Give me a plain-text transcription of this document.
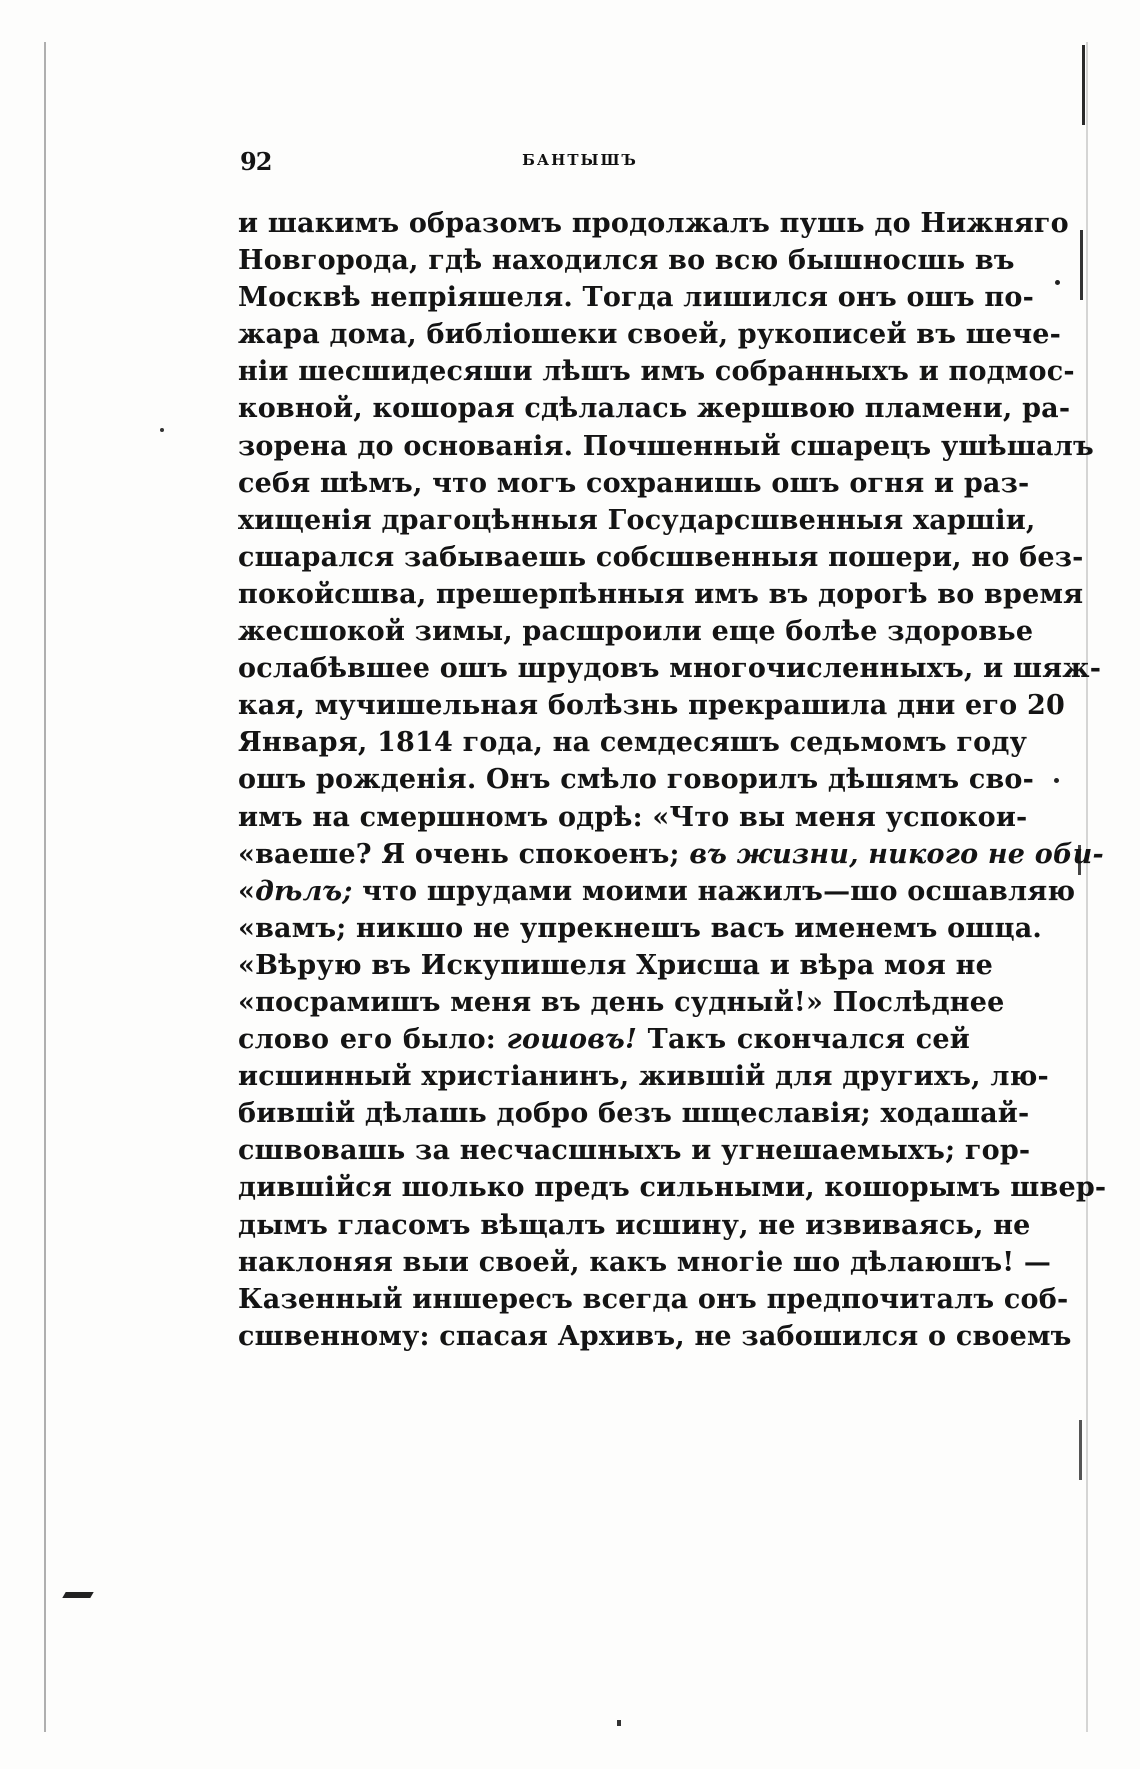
92	БАНТЫШЪ
и шакимъ образомъ продолжалъ пушь до Нижняго
Новгорода, гдѣ находился во всю бышносшь въ
Москвѣ непріяшеля. Тогда лишился онъ ошъ по-
жара дома, библіошеки своей, рукописей въ шече-
ніи шесшидесяши лѣшъ имъ собранныхъ и подмос-
ковной, кошорая сдѣлалась жершвою пламени, ра-
зорена до основанія. Почшенный сшарецъ ушѣшалъ
себя шѣмъ, что могъ сохранишь ошъ огня и раз-
хищенія драгоцѣнныя Государсшвенныя харшіи,
сшарался забываешь собсшвенныя пошери, но без-
покойсшва, прешерпѣнныя имъ въ дорогѣ во время
жесшокой зимы, расшроили еще болѣе здоровье
ослабѣвшее ошъ шрудовъ многочисленныхъ, и шяж-
кая, мучишельная болѣзнь прекрашила дни его 20
Января, 1814 года, на семдесяшъ седьмомъ году
ошъ рожденія. Онъ смѣло говорилъ дѣшямъ сво-
имъ на смершномъ одрѣ: «Что вы меня успокои-
«ваеше? Я очень спокоенъ; въ жизни, никого не оби-
«дѣлъ; что шрудами моими нажилъ—шо осшавляю
«вамъ; никшо не упрекнешъ васъ именемъ ошца.
«Вѣрую въ Искупишеля Хрисша и вѣра моя не
«посрамишъ меня въ день судный!» Послѣднее
слово его было: гошовъ! Такъ скончался сей
исшинный христіанинъ, жившій для другихъ, лю-
бившій дѣлашь добро безъ шщеславія; ходашай-
сшвовашь за несчасшныхъ и угнешаемыхъ; гор-
дившійся шолько предъ сильными, кошорымъ швер-
дымъ гласомъ вѣщалъ исшину, не извиваясь, не
наклоняя выи своей, какъ многіе шо дѣлаюшъ! —
Казенный иншересъ всегда онъ предпочиталъ соб-
сшвенному: спасая Архивъ, не забошился о своемъ
